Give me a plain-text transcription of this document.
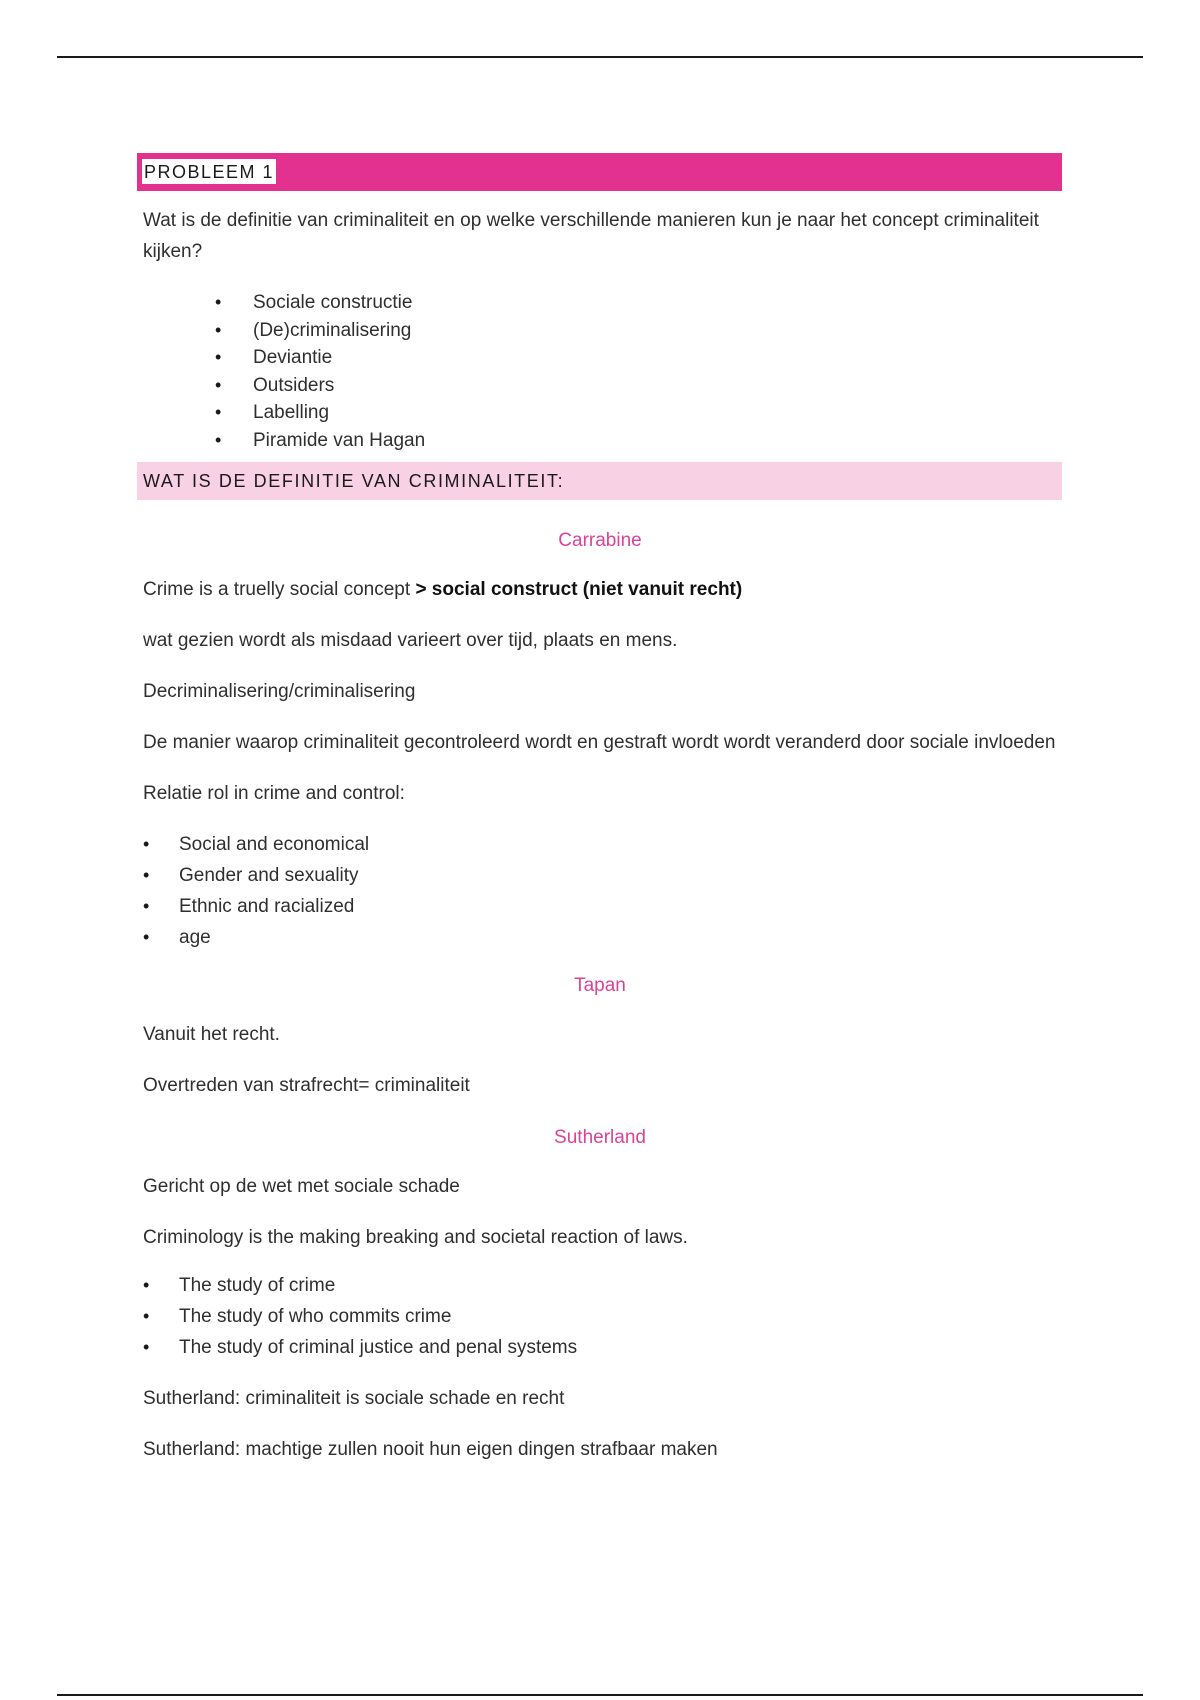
PROBLEEM 1

Wat is de definitie van criminaliteit en op welke verschillende manieren kun je naar het concept criminaliteit kijken?

• Sociale constructie
• (De)criminalisering
• Deviantie
• Outsiders
• Labelling
• Piramide van Hagan
WAT IS DE DEFINITIE VAN CRIMINALITEIT:
Carrabine

Crime is a truelly social concept > social construct (niet vanuit recht)

wat gezien wordt als misdaad varieert over tijd, plaats en mens.

Decriminalisering/criminalisering

De manier waarop criminaliteit gecontroleerd wordt en gestraft wordt wordt veranderd door sociale invloeden

Relatie rol in crime and control:

• Social and economical
• Gender and sexuality
• Ethnic and racialized
• age
Tapan

Vanuit het recht.

Overtreden van strafrecht= criminaliteit

Sutherland

Gericht op de wet met sociale schade

Criminology is the making breaking and societal reaction of laws.

• The study of crime
• The study of who commits crime
• The study of criminal justice and penal systems

Sutherland: criminaliteit is sociale schade en recht

Sutherland: machtige zullen nooit hun eigen dingen strafbaar maken
